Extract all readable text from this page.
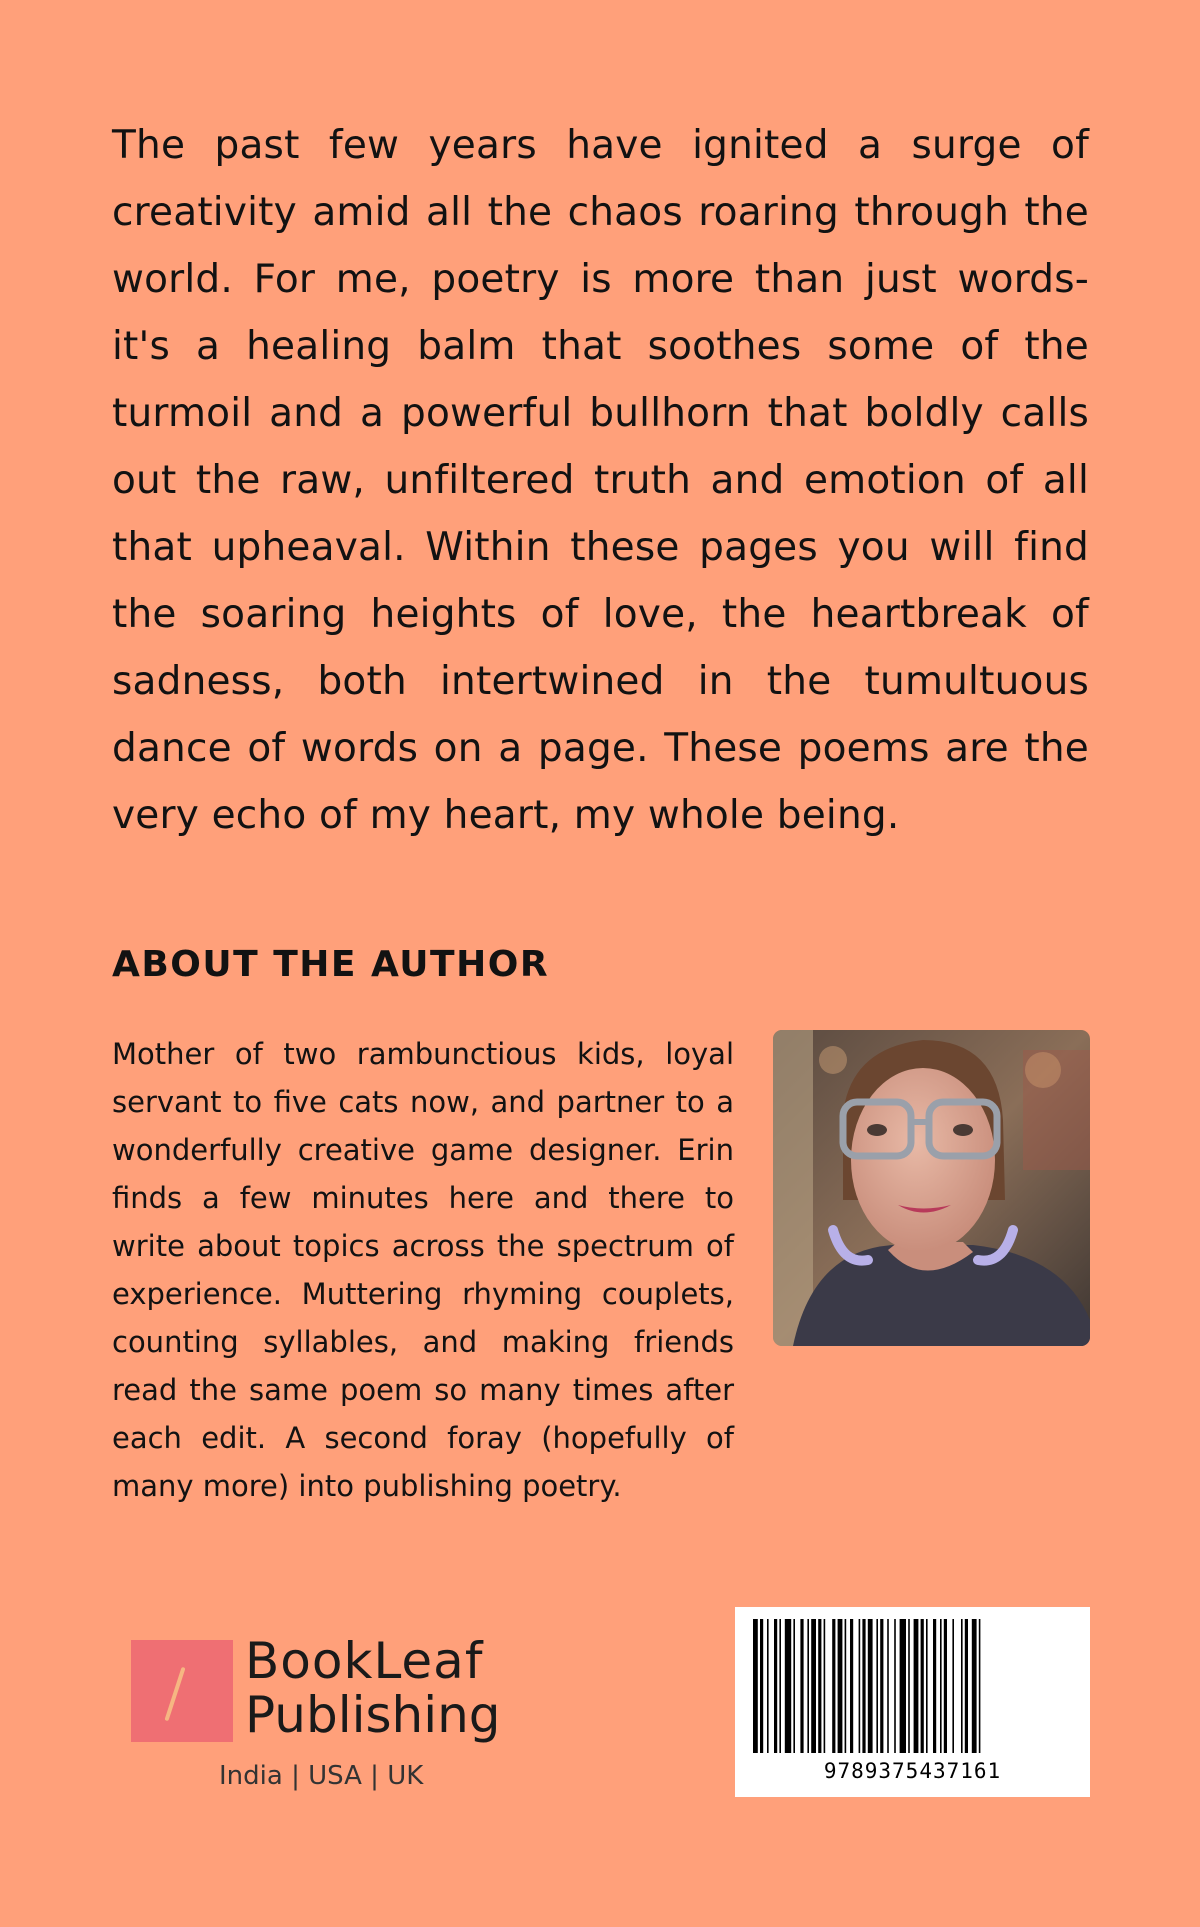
The past few years have ignited a surge of creativity amid all the chaos roaring through the world. For me, poetry is more than just words- it's a healing balm that soothes some of the turmoil and a powerful bullhorn that boldly calls out the raw, unfiltered truth and emotion of all that upheaval. Within these pages you will find the soaring heights of love, the heartbreak of sadness, both intertwined in the tumultuous dance of words on a page. These poems are the very echo of my heart, my whole being.

ABOUT THE AUTHOR

Mother of two rambunctious kids, loyal servant to five cats now, and partner to a wonderfully creative game designer. Erin finds a few minutes here and there to write about topics across the spectrum of experience. Muttering rhyming couplets, counting syllables, and making friends read the same poem so many times after each edit. A second foray (hopefully of many more) into publishing poetry.

BookLeaf

Publishing

India | USA | UK	9789375437161
